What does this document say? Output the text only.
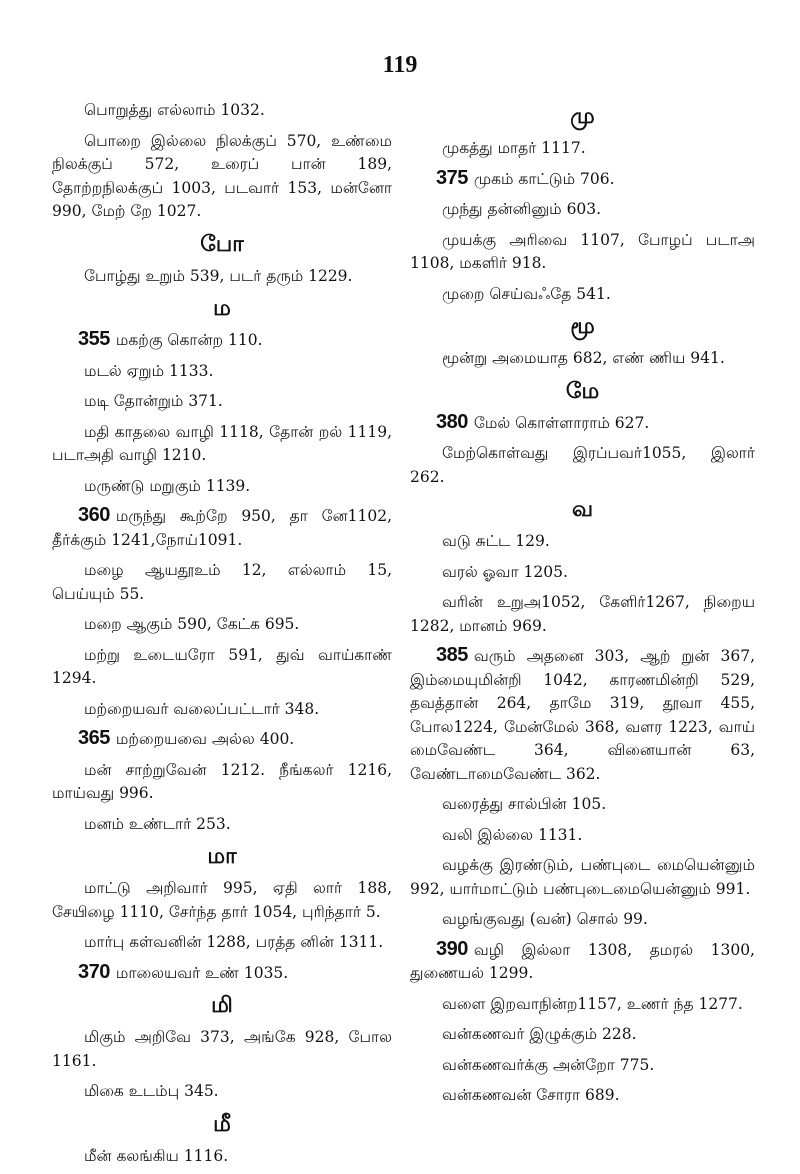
119
பொறுத்து எல்லாம் 1032.
பொறை இல்லை நிலக்குப் 570, உண்மை நிலக்குப் 572, உரைப் பான் 189, தோற்றநிலக்குப் 1003, படவார் 153, மன்னோ 990, மேற் றே 1027.
போ
போழ்து உறும் 539, படர் தரும் 1229.
ம
355 மகற்கு கொன்ற 110.
மடல் ஏறும் 1133.
மடி தோன்றும் 371.
மதி காதலை வாழி 1118, தோன் றல் 1119, படாஅதி வாழி 1210.
மருண்டு மறுகும் 1139.
360 மருந்து கூற்றே 950, தா னே1102, தீர்க்கும் 1241,நோய்1091.
மழை ஆயதூஉம் 12, எல்லாம் 15, பெய்யும் 55.
மறை ஆகும் 590, கேட்க 695.
மற்று உடையரோ 591, துவ் வாய்காண் 1294.
மற்றையவர் வலைப்பட்டார் 348.
365 மற்றையவை அல்ல 400.
மன் சாற்றுவேன் 1212. நீங்கலர் 1216, மாய்வது 996.
மனம் உண்டார் 253.
மா
மாட்டு அறிவார் 995, ஏதி லார் 188, சேயிழை 1110, சேர்ந்த தார் 1054, புரிந்தார் 5.
மார்பு கள்வனின் 1288, பரத்த னின் 1311.
370 மாலையவர் உண் 1035.
மி
மிகும் அறிவே 373, அங்கே 928, போல 1161.
மிகை உடம்பு 345.
மீ
மீன் கலங்கிய 1116.
மு
முகத்து மாதர் 1117.
375 முகம் காட்டும் 706.
முந்து தன்னினும் 603.
முயக்கு அரிவை 1107, போழப் படாஅ 1108, மகளிர் 918.
முறை செய்வஃதே 541.
மூ
மூன்று அமையாத 682, எண் ணிய 941.
மே
380 மேல் கொள்ளாராம் 627.
மேற்கொள்வது இரப்பவர்1055, இலார் 262.
வ
வடு சுட்ட 129.
வரல் ஓவா 1205.
வரின் உறுஅ1052, கேளிர்1267, நிறைய 1282, மானம் 969.
385 வரும் அதனை 303, ஆற் றுன் 367, இம்மையுமின்றி 1042, காரணமின்றி 529, தவத்தான் 264, தாமே 319, தூவா 455, போல1224, மேன்மேல் 368, வளர 1223, வாய் மைவேண்ட 364, வினையான் 63, வேண்டாமைவேண்ட 362.
வரைத்து சால்பின் 105.
வலி இல்லை 1131.
வழக்கு இரண்டும், பண்புடை மையென்னும் 992, யார்மாட்டும் பண்புடைமையென்னும் 991.
வழங்குவது (வன்) சொல் 99.
390 வழி இல்லா 1308, தமரல் 1300, துணையல் 1299.
வளை இறவாநின்ற1157, உணர் ந்த 1277.
வன்கணவர் இழுக்கும் 228.
வன்கணவர்க்கு அன்றோ 775.
வன்கணவன் சோரா 689.
